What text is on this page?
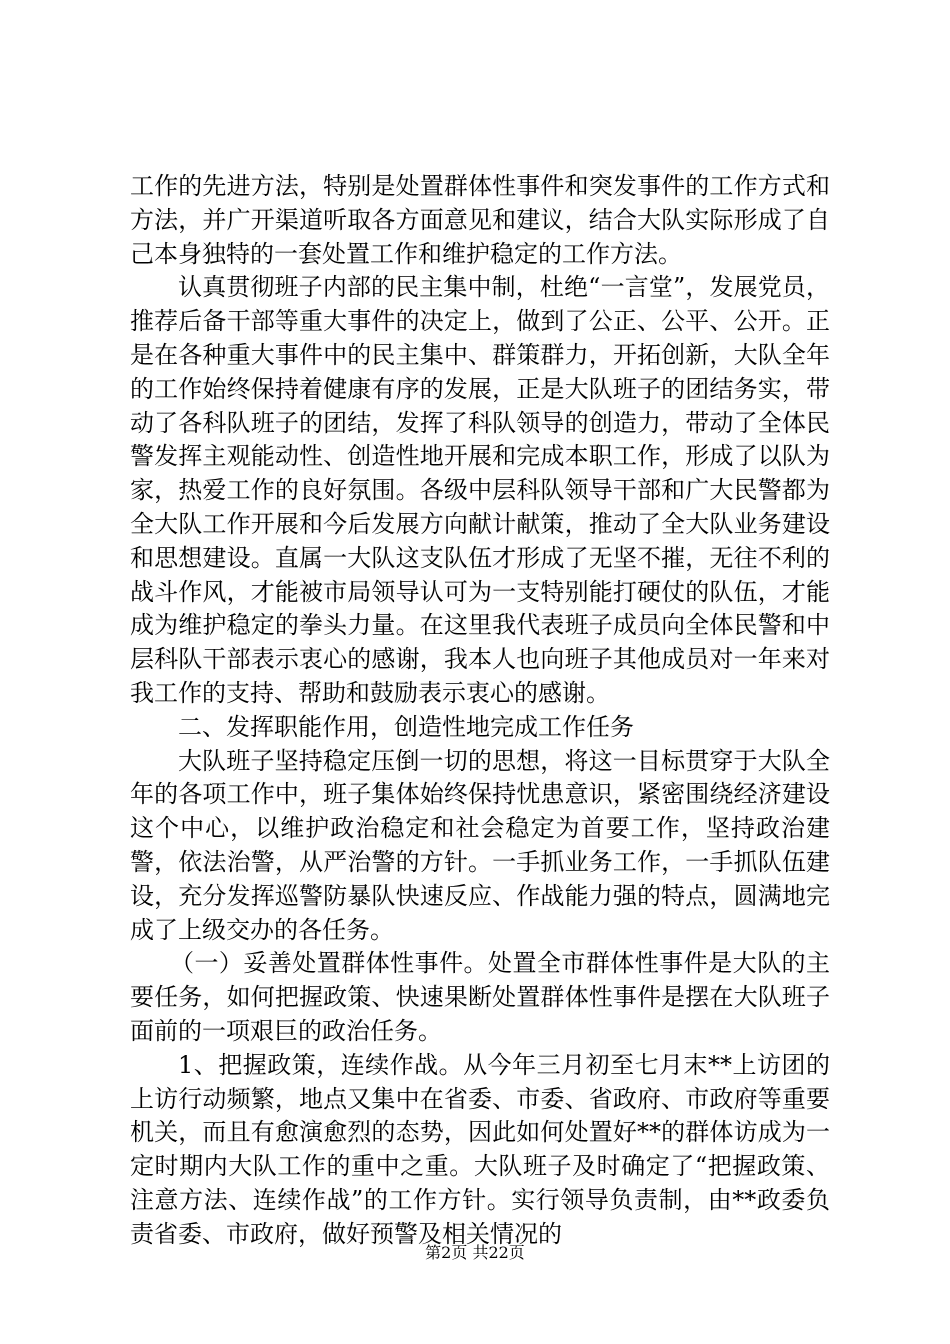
工作的先进方法，特别是处置群体性事件和突发事件的工作方式和方法，并广开渠道听取各方面意见和建议，结合大队实际形成了自己本身独特的一套处置工作和维护稳定的工作方法。

认真贯彻班子内部的民主集中制，杜绝“一言堂”，发展党员，推荐后备干部等重大事件的决定上，做到了公正、公平、公开。正是在各种重大事件中的民主集中、群策群力，开拓创新，大队全年的工作始终保持着健康有序的发展，正是大队班子的团结务实，带动了各科队班子的团结，发挥了科队领导的创造力，带动了全体民警发挥主观能动性、创造性地开展和完成本职工作，形成了以队为家，热爱工作的良好氛围。各级中层科队领导干部和广大民警都为全大队工作开展和今后发展方向献计献策，推动了全大队业务建设和思想建设。直属一大队这支队伍才形成了无坚不摧，无往不利的战斗作风，才能被市局领导认可为一支特别能打硬仗的队伍，才能成为维护稳定的拳头力量。在这里我代表班子成员向全体民警和中层科队干部表示衷心的感谢，我本人也向班子其他成员对一年来对我工作的支持、帮助和鼓励表示衷心的感谢。

二、发挥职能作用，创造性地完成工作任务

大队班子坚持稳定压倒一切的思想，将这一目标贯穿于大队全年的各项工作中，班子集体始终保持忧患意识，紧密围绕经济建设这个中心，以维护政治稳定和社会稳定为首要工作，坚持政治建警，依法治警，从严治警的方针。一手抓业务工作，一手抓队伍建设，充分发挥巡警防暴队快速反应、作战能力强的特点，圆满地完成了上级交办的各任务。

（一）妥善处置群体性事件。处置全市群体性事件是大队的主要任务，如何把握政策、快速果断处置群体性事件是摆在大队班子面前的一项艰巨的政治任务。

1、把握政策，连续作战。从今年三月初至七月末**上访团的上访行动频繁，地点又集中在省委、市委、省政府、市政府等重要机关，而且有愈演愈烈的态势，因此如何处置好**的群体访成为一定时期内大队工作的重中之重。大队班子及时确定了“把握政策、注意方法、连续作战”的工作方针。实行领导负责制，由**政委负责省委、市政府，做好预警及相关情况的

第2页 共22页
